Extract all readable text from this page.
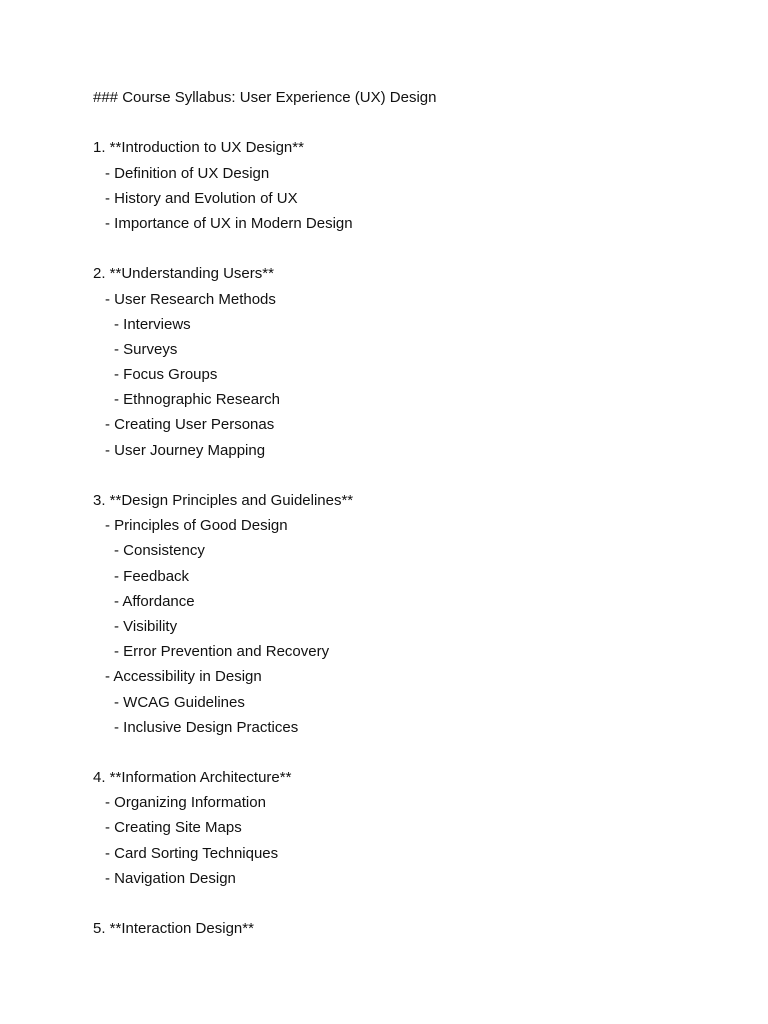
### Course Syllabus: User Experience (UX) Design
1. **Introduction to UX Design**
- Definition of UX Design
- History and Evolution of UX
- Importance of UX in Modern Design
2. **Understanding Users**
- User Research Methods
- Interviews
- Surveys
- Focus Groups
- Ethnographic Research
- Creating User Personas
- User Journey Mapping
3. **Design Principles and Guidelines**
- Principles of Good Design
- Consistency
- Feedback
- Affordance
- Visibility
- Error Prevention and Recovery
- Accessibility in Design
- WCAG Guidelines
- Inclusive Design Practices
4. **Information Architecture**
- Organizing Information
- Creating Site Maps
- Card Sorting Techniques
- Navigation Design
5. **Interaction Design**
